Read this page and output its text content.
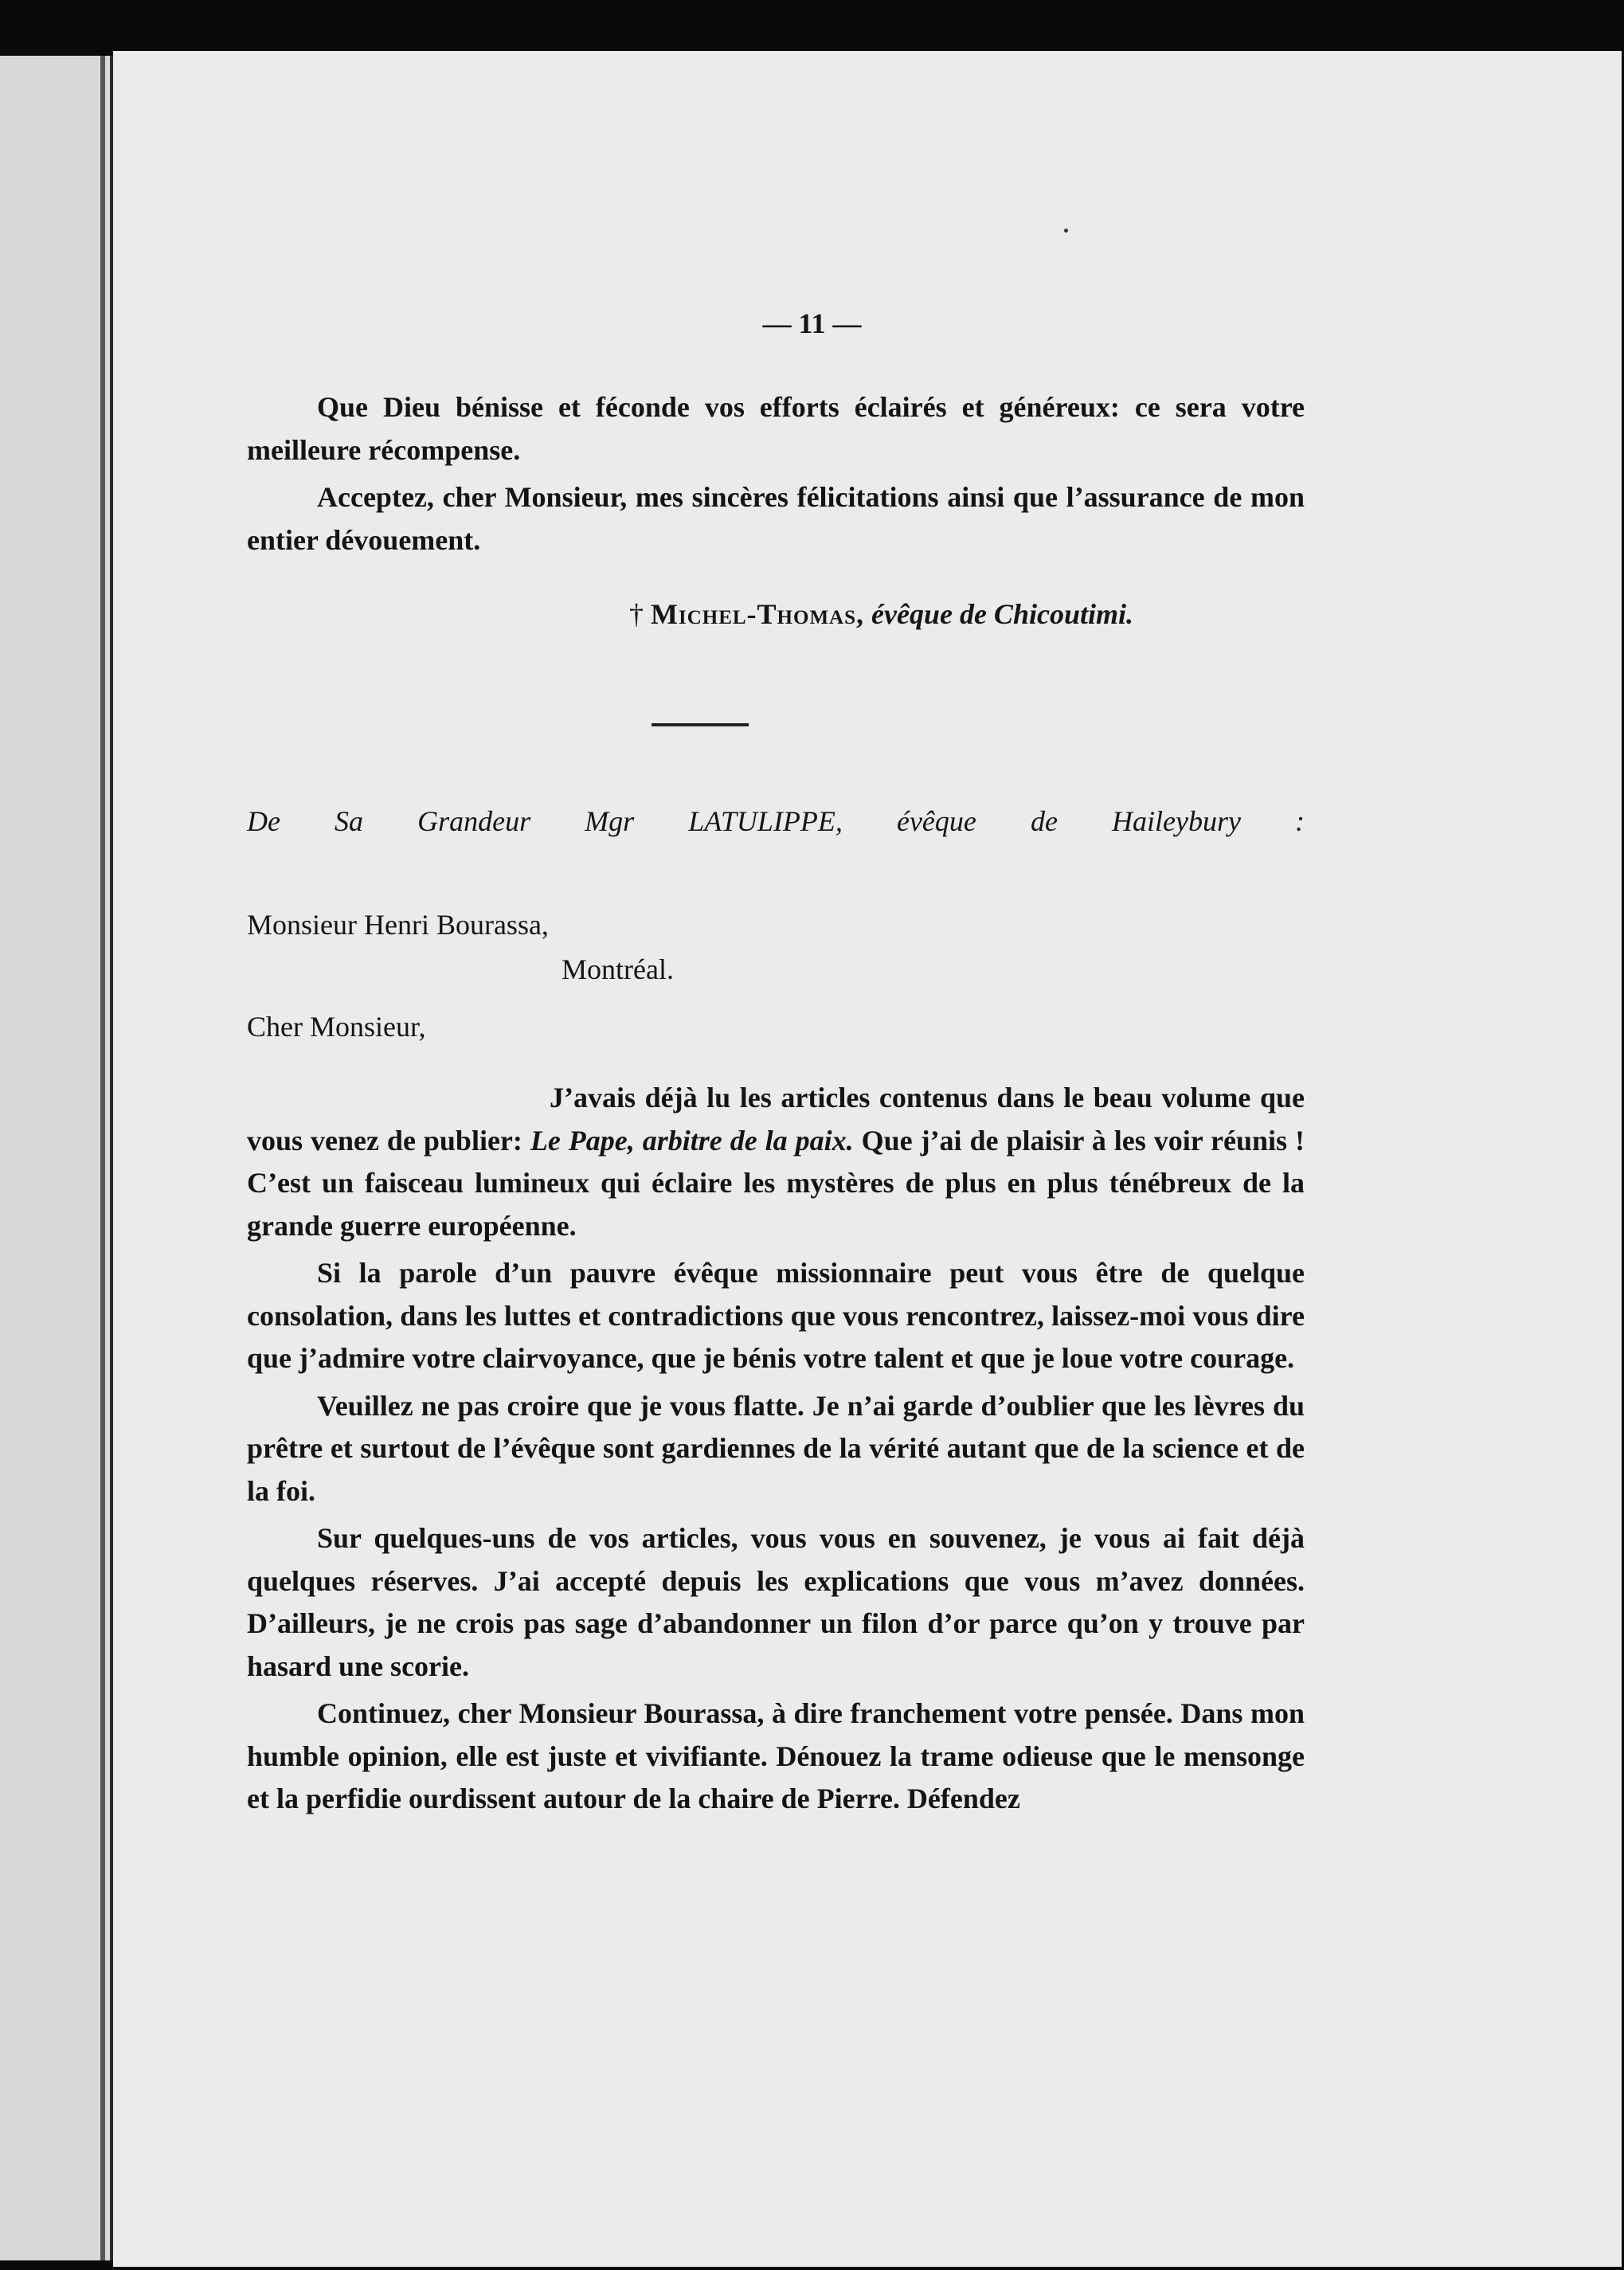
— 11 —

Que Dieu bénisse et féconde vos efforts éclairés et généreux: ce sera votre meilleure récompense.

Acceptez, cher Monsieur, mes sincères félicitations ainsi que l’assurance de mon entier dévouement.

† Michel-Thomas, évêque de Chicoutimi.
De Sa Grandeur Mgr LATULIPPE, évêque de Haileybury :
Monsieur Henri Bourassa,
Montréal.
Cher Monsieur,

J’avais déjà lu les articles contenus dans le beau volume que vous venez de publier: Le Pape, arbitre de la paix. Que j’ai de plaisir à les voir réunis ! C’est un faisceau lumineux qui éclaire les mystères de plus en plus ténébreux de la grande guerre européenne.

Si la parole d’un pauvre évêque missionnaire peut vous être de quelque consolation, dans les luttes et contradictions que vous rencontrez, laissez-moi vous dire que j’admire votre clairvoyance, que je bénis votre talent et que je loue votre courage.

Veuillez ne pas croire que je vous flatte. Je n’ai garde d’oublier que les lèvres du prêtre et surtout de l’évêque sont gardiennes de la vérité autant que de la science et de la foi.

Sur quelques-uns de vos articles, vous vous en souvenez, je vous ai fait déjà quelques réserves. J’ai accepté depuis les explications que vous m’avez données. D’ailleurs, je ne crois pas sage d’abandonner un filon d’or parce qu’on y trouve par hasard une scorie.

Continuez, cher Monsieur Bourassa, à dire franchement votre pensée. Dans mon humble opinion, elle est juste et vivifiante. Dénouez la trame odieuse que le mensonge et la perfidie ourdissent autour de la chaire de Pierre. Défendez
